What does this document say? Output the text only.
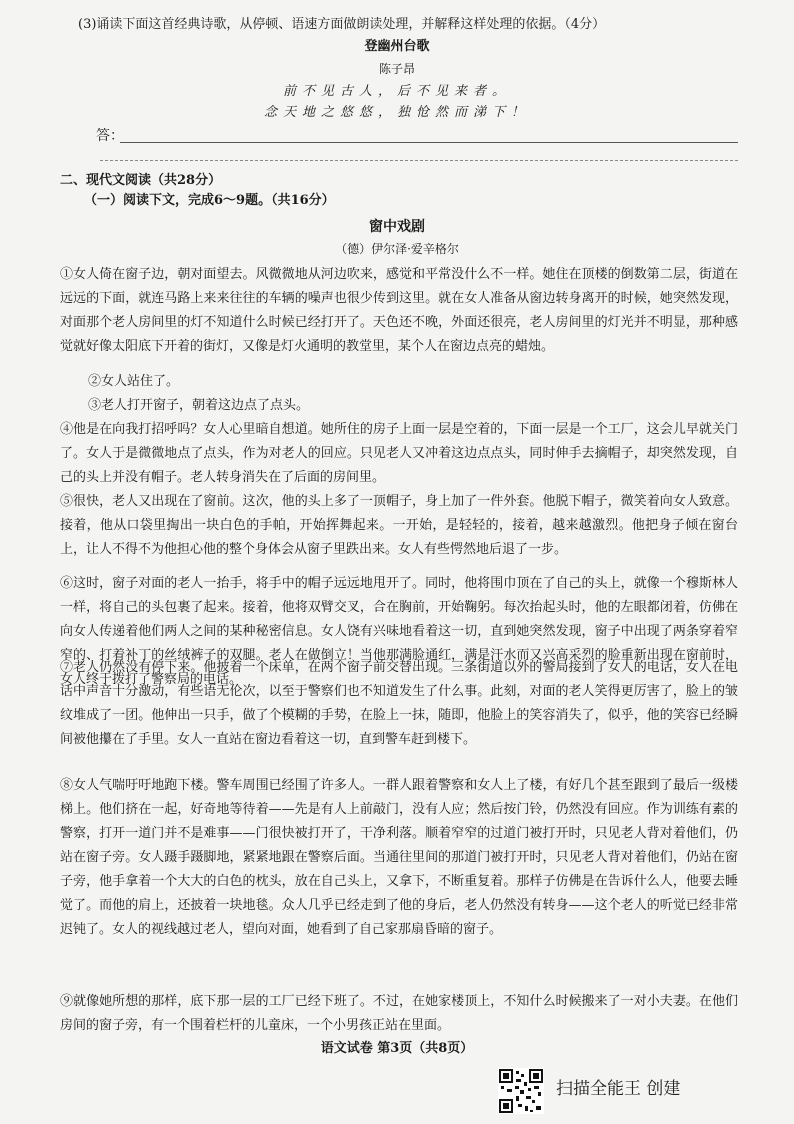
(3)诵读下面这首经典诗歌，从停顿、语速方面做朗读处理，并解释这样处理的依据。（4分）
登幽州台歌
陈子昂
前不见古人，后不见来者。
念天地之悠悠，独怆然而涕下！
答：
二、现代文阅读（共28分）
（一）阅读下文，完成6～9题。（共16分）
窗中戏剧
（德）伊尔泽·爱辛格尔
①女人倚在窗子边，朝对面望去。风微微地从河边吹来，感觉和平常没什么不一样。她住在顶楼的倒数第二层，街道在远远的下面，就连马路上来来往往的车辆的噪声也很少传到这里。就在女人准备从窗边转身离开的时候，她突然发现，对面那个老人房间里的灯不知道什么时候已经打开了。天色还不晚，外面还很亮，老人房间里的灯光并不明显，那种感觉就好像太阳底下开着的街灯，又像是灯火通明的教堂里，某个人在窗边点亮的蜡烛。
②女人站住了。
③老人打开窗子，朝着这边点了点头。
④他是在向我打招呼吗？女人心里暗自想道。她所住的房子上面一层是空着的，下面一层是一个工厂，这会儿早就关门了。女人于是微微地点了点头，作为对老人的回应。只见老人又冲着这边点点头，同时伸手去摘帽子，却突然发现，自己的头上并没有帽子。老人转身消失在了后面的房间里。
⑤很快，老人又出现在了窗前。这次，他的头上多了一顶帽子，身上加了一件外套。他脱下帽子，微笑着向女人致意。接着，他从口袋里掏出一块白色的手帕，开始挥舞起来。一开始，是轻轻的，接着，越来越激烈。他把身子倾在窗台上，让人不得不为他担心他的整个身体会从窗子里跌出来。女人有些愕然地后退了一步。
⑥这时，窗子对面的老人一抬手，将手中的帽子远远地甩开了。同时，他将围巾顶在了自己的头上，就像一个穆斯林人一样，将自己的头包裹了起来。接着，他将双臂交叉，合在胸前，开始鞠躬。每次抬起头时，他的左眼都闭着，仿佛在向女人传递着他们两人之间的某种秘密信息。女人饶有兴味地看着这一切，直到她突然发现，窗子中出现了两条穿着窄窄的、打着补丁的丝绒裤子的双腿。老人在做倒立！当他那满脸通红，满是汗水而又兴高采烈的脸重新出现在窗前时，女人终于拨打了警察局的电话。
⑦老人仍然没有停下来。他披着一个床单，在两个窗子前交替出现。三条街道以外的警局接到了女人的电话，女人在电话中声音十分激动，有些语无伦次，以至于警察们也不知道发生了什么事。此刻，对面的老人笑得更厉害了，脸上的皱纹堆成了一团。他伸出一只手，做了个模糊的手势，在脸上一抹，随即，他脸上的笑容消失了，似乎，他的笑容已经瞬间被他攥在了手里。女人一直站在窗边看着这一切，直到警车赶到楼下。
⑧女人气喘吁吁地跑下楼。警车周围已经围了许多人。一群人跟着警察和女人上了楼，有好几个甚至跟到了最后一级楼梯上。他们挤在一起，好奇地等待着——先是有人上前敲门，没有人应；然后按门铃，仍然没有回应。作为训练有素的警察，打开一道门并不是难事——门很快被打开了，干净利落。顺着窄窄的过道门被打开时，只见老人背对着他们，仍站在窗子旁。女人蹑手蹑脚地，紧紧地跟在警察后面。当通往里间的那道门被打开时，只见老人背对着他们，仍站在窗子旁，他手拿着一个大大的白色的枕头，放在自己头上，又拿下，不断重复着。那样子仿佛是在告诉什么人，他要去睡觉了。而他的肩上，还披着一块地毯。众人几乎已经走到了他的身后，老人仍然没有转身——这个老人的听觉已经非常迟钝了。女人的视线越过老人，望向对面，她看到了自己家那扇昏暗的窗子。
⑨就像她所想的那样，底下那一层的工厂已经下班了。不过，在她家楼顶上，不知什么时候搬来了一对小夫妻。在他们房间的窗子旁，有一个围着栏杆的儿童床，一个小男孩正站在里面。
语文试卷 第3页（共8页）
扫描全能王 创建
